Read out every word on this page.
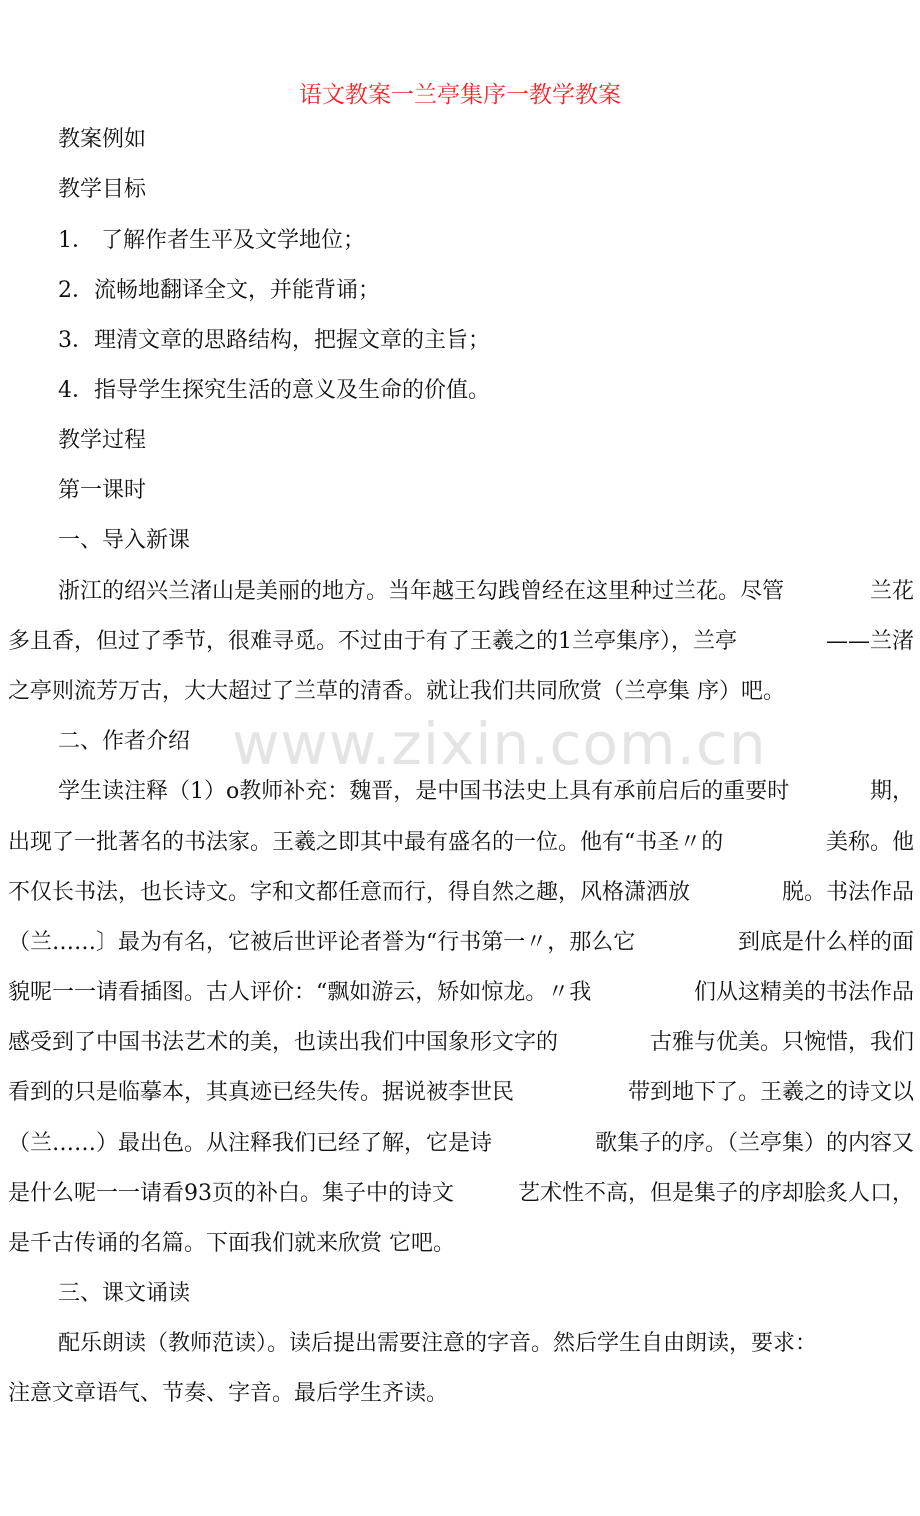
语文教案一兰亭集序一教学教案
教案例如
教学目标
1． 了解作者生平及文学地位；
2．流畅地翻译全文，并能背诵；
3．理清文章的思路结构，把握文章的主旨；
4．指导学生探究生活的意义及生命的价值。
教学过程
第一课时
一、导入新课
浙江的绍兴兰渚山是美丽的地方。当年越王勾践曾经在这里种过兰花。尽管	兰花
多且香，但过了季节，很难寻觅。不过由于有了王羲之的1兰亭集序），兰亭	——兰渚
之亭则流芳万古，大大超过了兰草的清香。就让我们共同欣赏（兰亭集 序）吧。
www.zixin.com.cn
二、作者介绍
学生读注释（1）o教师补充：魏晋，是中国书法史上具有承前启后的重要时	期，
出现了一批著名的书法家。王羲之即其中最有盛名的一位。他有“书圣〃的	美称。他
不仅长书法，也长诗文。字和文都任意而行，得自然之趣，风格潇洒放	脱。书法作品
（兰……〕最为有名，它被后世评论者誉为“行书第一〃，那么它	到底是什么样的面
貌呢一一请看插图。古人评价：“飘如游云，矫如惊龙。〃我	们从这精美的书法作品
感受到了中国书法艺术的美，也读出我们中国象形文字的	古雅与优美。只惋惜，我们
看到的只是临摹本，其真迹已经失传。据说被李世民	带到地下了。王羲之的诗文以
（兰……）最出色。从注释我们已经了解，它是诗	歌集子的序。（兰亭集）的内容又
是什么呢一一请看93页的补白。集子中的诗文	艺术性不高，但是集子的序却脍炙人口，
是千古传诵的名篇。下面我们就来欣赏 它吧。
三、课文诵读
配乐朗读（教师范读）。读后提出需要注意的字音。然后学生自由朗读，要求：
注意文章语气、节奏、字音。最后学生齐读。
